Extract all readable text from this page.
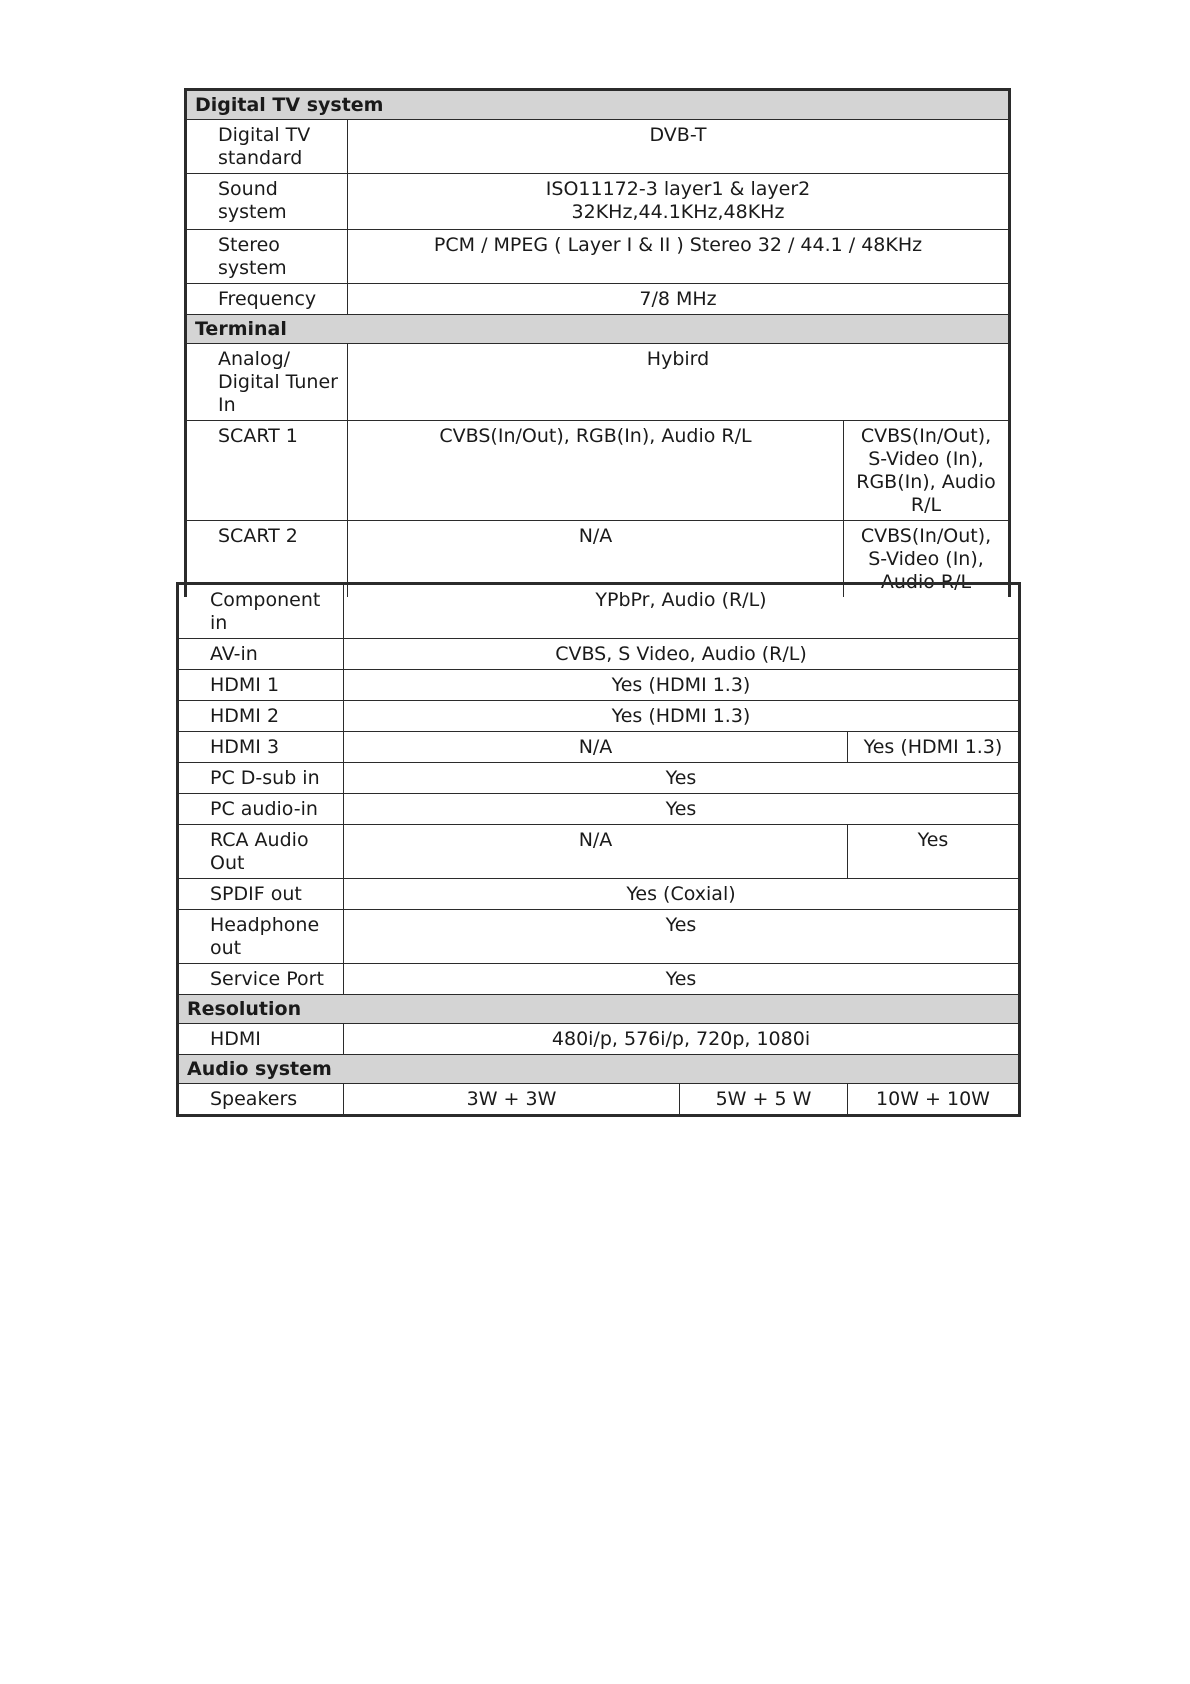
Digital TV system		

Digital TV
standard	DVB-T	

Sound
system	ISO11172-3 layer1 & layer2
32KHz,44.1KHz,48KHz	

Stereo
system	PCM / MPEG ( Layer I & II ) Stereo 32 / 44.1 / 48KHz	

Frequency	7/8 MHz	

Terminal		

Analog/
Digital Tuner
In	Hybird	
SCART 1	CVBS(In/Out), RGB(In), Audio R/L	CVBS(In/Out),
S-Video (In),
RGB(In), Audio
R/L

SCART 2	N/A	CVBS(In/Out),
S-Video (In),
Audio R/L
Component
in	YPbPr, Audio (R/L)		
AV-in	CVBS, S Video, Audio (R/L)		
HDMI 1	Yes (HDMI 1.3)		
HDMI 2	Yes (HDMI 1.3)		
HDMI 3	N/A		Yes (HDMI 1.3)
PC D-sub in	Yes		
PC audio-in	Yes		

RCA Audio
Out	N/A		Yes
SPDIF out	Yes (Coxial)		

Headphone
out	Yes		
Service Port	Yes		
Resolution			
HDMI	480i/p, 576i/p, 720p, 1080i		
Audio system			
Speakers	3W + 3W	5W + 5 W	10W + 10W
